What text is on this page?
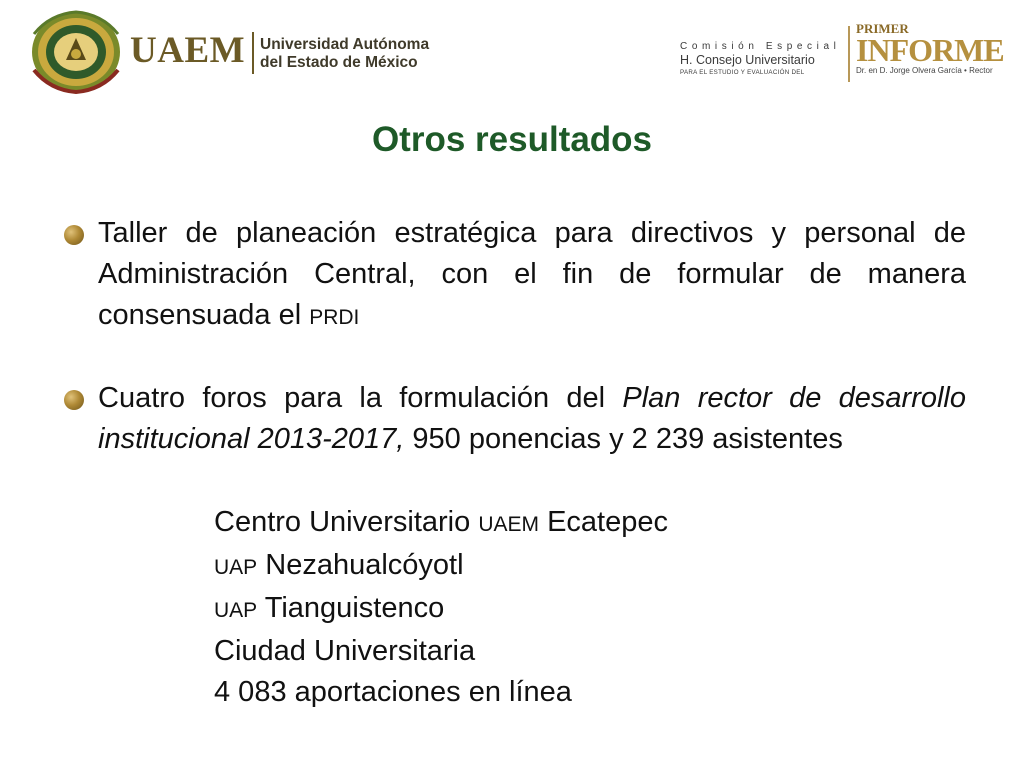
UAEM Universidad Autónoma
del Estado de México
Comisión Especial
H. Consejo Universitario
PARA EL ESTUDIO Y EVALUACIÓN DEL
PRIMER
INFORME
Dr. en D. Jorge Olvera García • Rector
Otros resultados
Taller de planeación estratégica para directivos y personal de Administración Central, con el fin de formular de manera consensuada el PRDI
Cuatro foros para la formulación del Plan rector de desarrollo institucional 2013-2017, 950 ponencias y 2 239 asistentes
Centro Universitario UAEM Ecatepec
UAP Nezahualcóyotl
UAP Tianguistenco
Ciudad Universitaria
4 083 aportaciones en línea
